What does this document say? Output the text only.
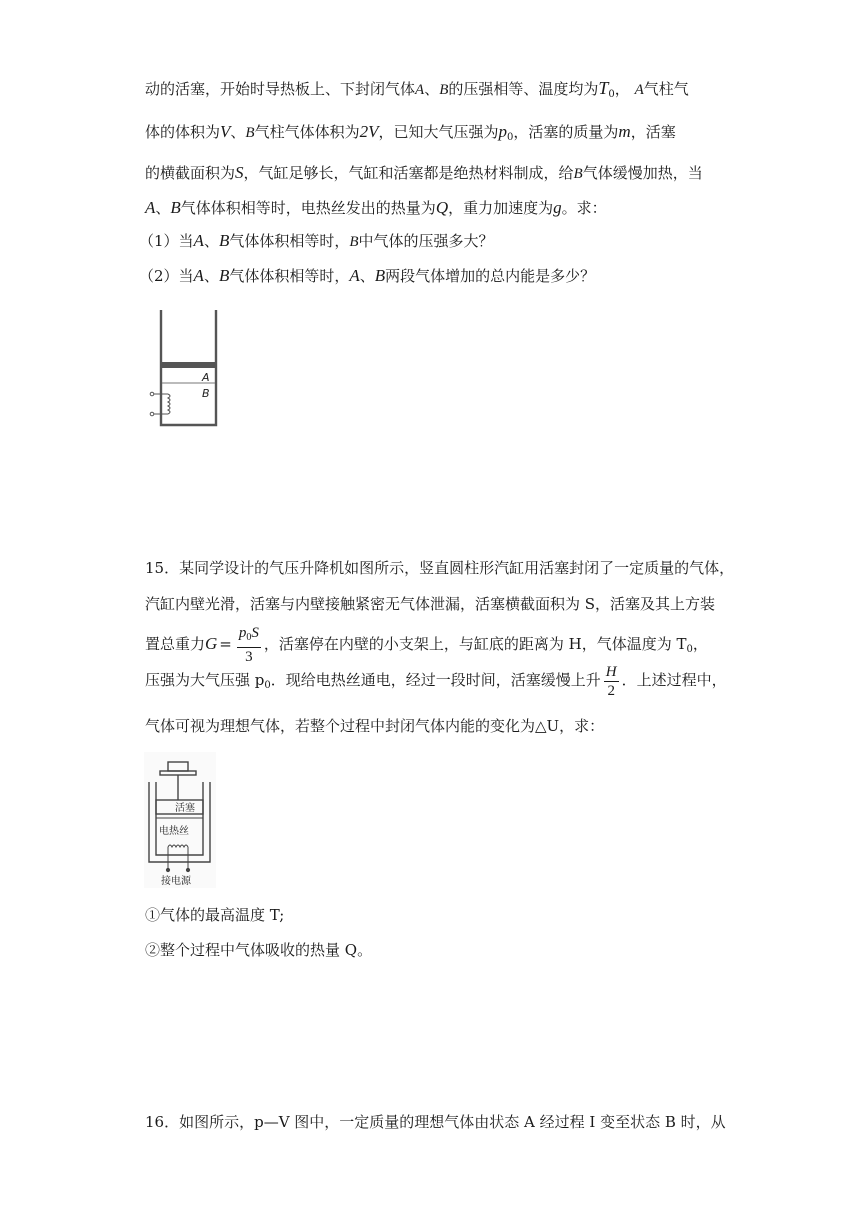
动的活塞，开始时导热板上、下封闭气体A、B的压强相等、温度均为$T_0$， A气柱气
体的体积为V、B气柱气体体积为2V，已知大气压强为$p_0$，活塞的质量为m，活塞
的横截面积为S，气缸足够长，气缸和活塞都是绝热材料制成，给B气体缓慢加热，当
A、B气体体积相等时，电热丝发出的热量为Q，重力加速度为g。求：
（1）当A、B气体体积相等时，B中气体的压强多大？
（2）当A、B气体体积相等时，A、B两段气体增加的总内能是多少？
A
B
15．某同学设计的气压升降机如图所示，竖直圆柱形汽缸用活塞封闭了一定质量的气体，
汽缸内壁光滑，活塞与内壁接触紧密无气体泄漏，活塞横截面积为 S，活塞及其上方装
置总重力$G = \frac{p_0S}{3}$ ，活塞停在内壁的小支架上，与缸底的距离为 H，气体温度为 $T_0$，
压强为大气压强 $p_0$．现给电热丝通电，经过一段时间，活塞缓慢上升 $\frac{H}{2}$ ．上述过程中，
气体可视为理想气体，若整个过程中封闭气体内能的变化为△U，求：
活塞
电热丝
接电源
①气体的最高温度 T;
②整个过程中气体吸收的热量 Q。
16．如图所示，p—V 图中，一定质量的理想气体由状态 A 经过程 I 变至状态 B 时，从
